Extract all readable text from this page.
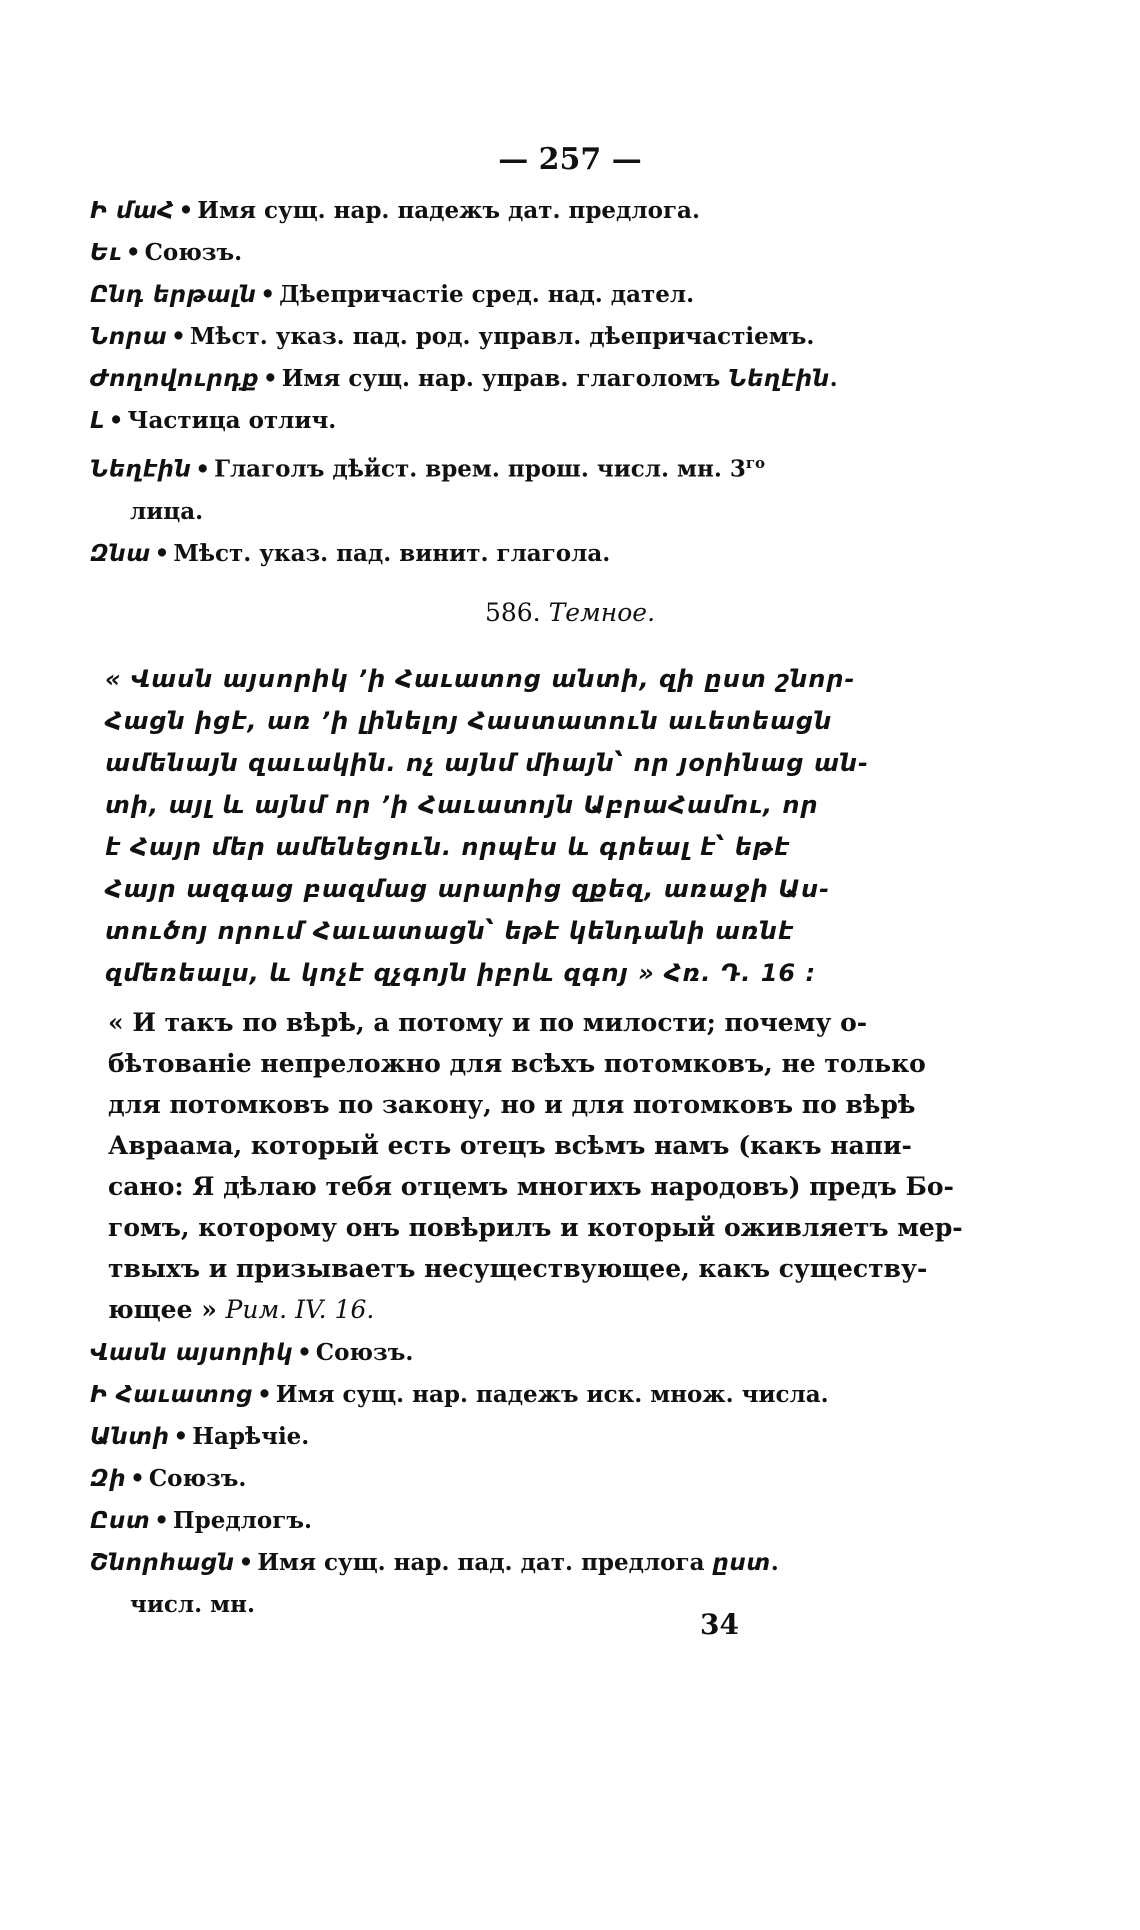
— 257 —
Ի մաՀ • Имя сущ. нар. падежъ дат. предлога.
Եւ • Союзъ.
Ընդ երթալն • Дѣепричастіе сред. над. дател.
Նորա • Мѣст. указ. пад. род. управл. дѣепричастіемъ.
Ժողովուրդք • Имя сущ. нар. управ. глаголомъ Նեղէին.
Լ • Частица отлич.
Նեղէին • Глаголъ дѣйст. врем. прош. числ. мн. $3^{го}$
лица.
Զնա • Мѣст. указ. пад. винит. глагола.
586. Темное.
« Վասն այսորիկ ՚ի Հաւատոց անտի, զի ըստ շնոր-
Հացն իցէ, առ ՚ի լինելոյ Հաստատուն աւետեացն
ամենայն զաւակին. ոչ այնմ միայն՝ որ յօրինաց ան-
տի, այլ և այնմ որ ՚ի Հաւատոյն ԱբրաՀամու, որ
է Հայր մեր ամենեցուն. որպէս և գրեալ է՝ եթէ
Հայր ազգաց բազմաց արարից զքեզ, առաջի Աս-
տուծոյ որում Հաւատացն՝ եթէ կենդանի առնէ
զմեռեալս, և կոչէ զչգոյն իբրև զգոյ » Հռ. Դ. 16 :
« И такъ по вѣрѣ, а потому и по милости; почему о-
бѣтованіе непреложно для всѣхъ потомковъ, не только
для потомковъ по закону, но и для потомковъ по вѣрѣ
Авраама, который есть отецъ всѣмъ намъ (какъ напи-
сано: Я дѣлаю тебя отцемъ многихъ народовъ) предъ Бо-
гомъ, которому онъ повѣрилъ и который оживляетъ мер-
твыхъ и призываетъ несуществующее, какъ существу-
ющее » Рим. IV. 16.
Վասն այսորիկ • Союзъ.
Ի Հաւատոց • Имя сущ. нар. падежъ иск. множ. числа.
Անտի • Нарѣчіе.
Զի • Союзъ.
Ըստ • Предлогъ.
Շնորհացն • Имя сущ. нар. пад. дат. предлога ըստ.
числ. мн.
34
